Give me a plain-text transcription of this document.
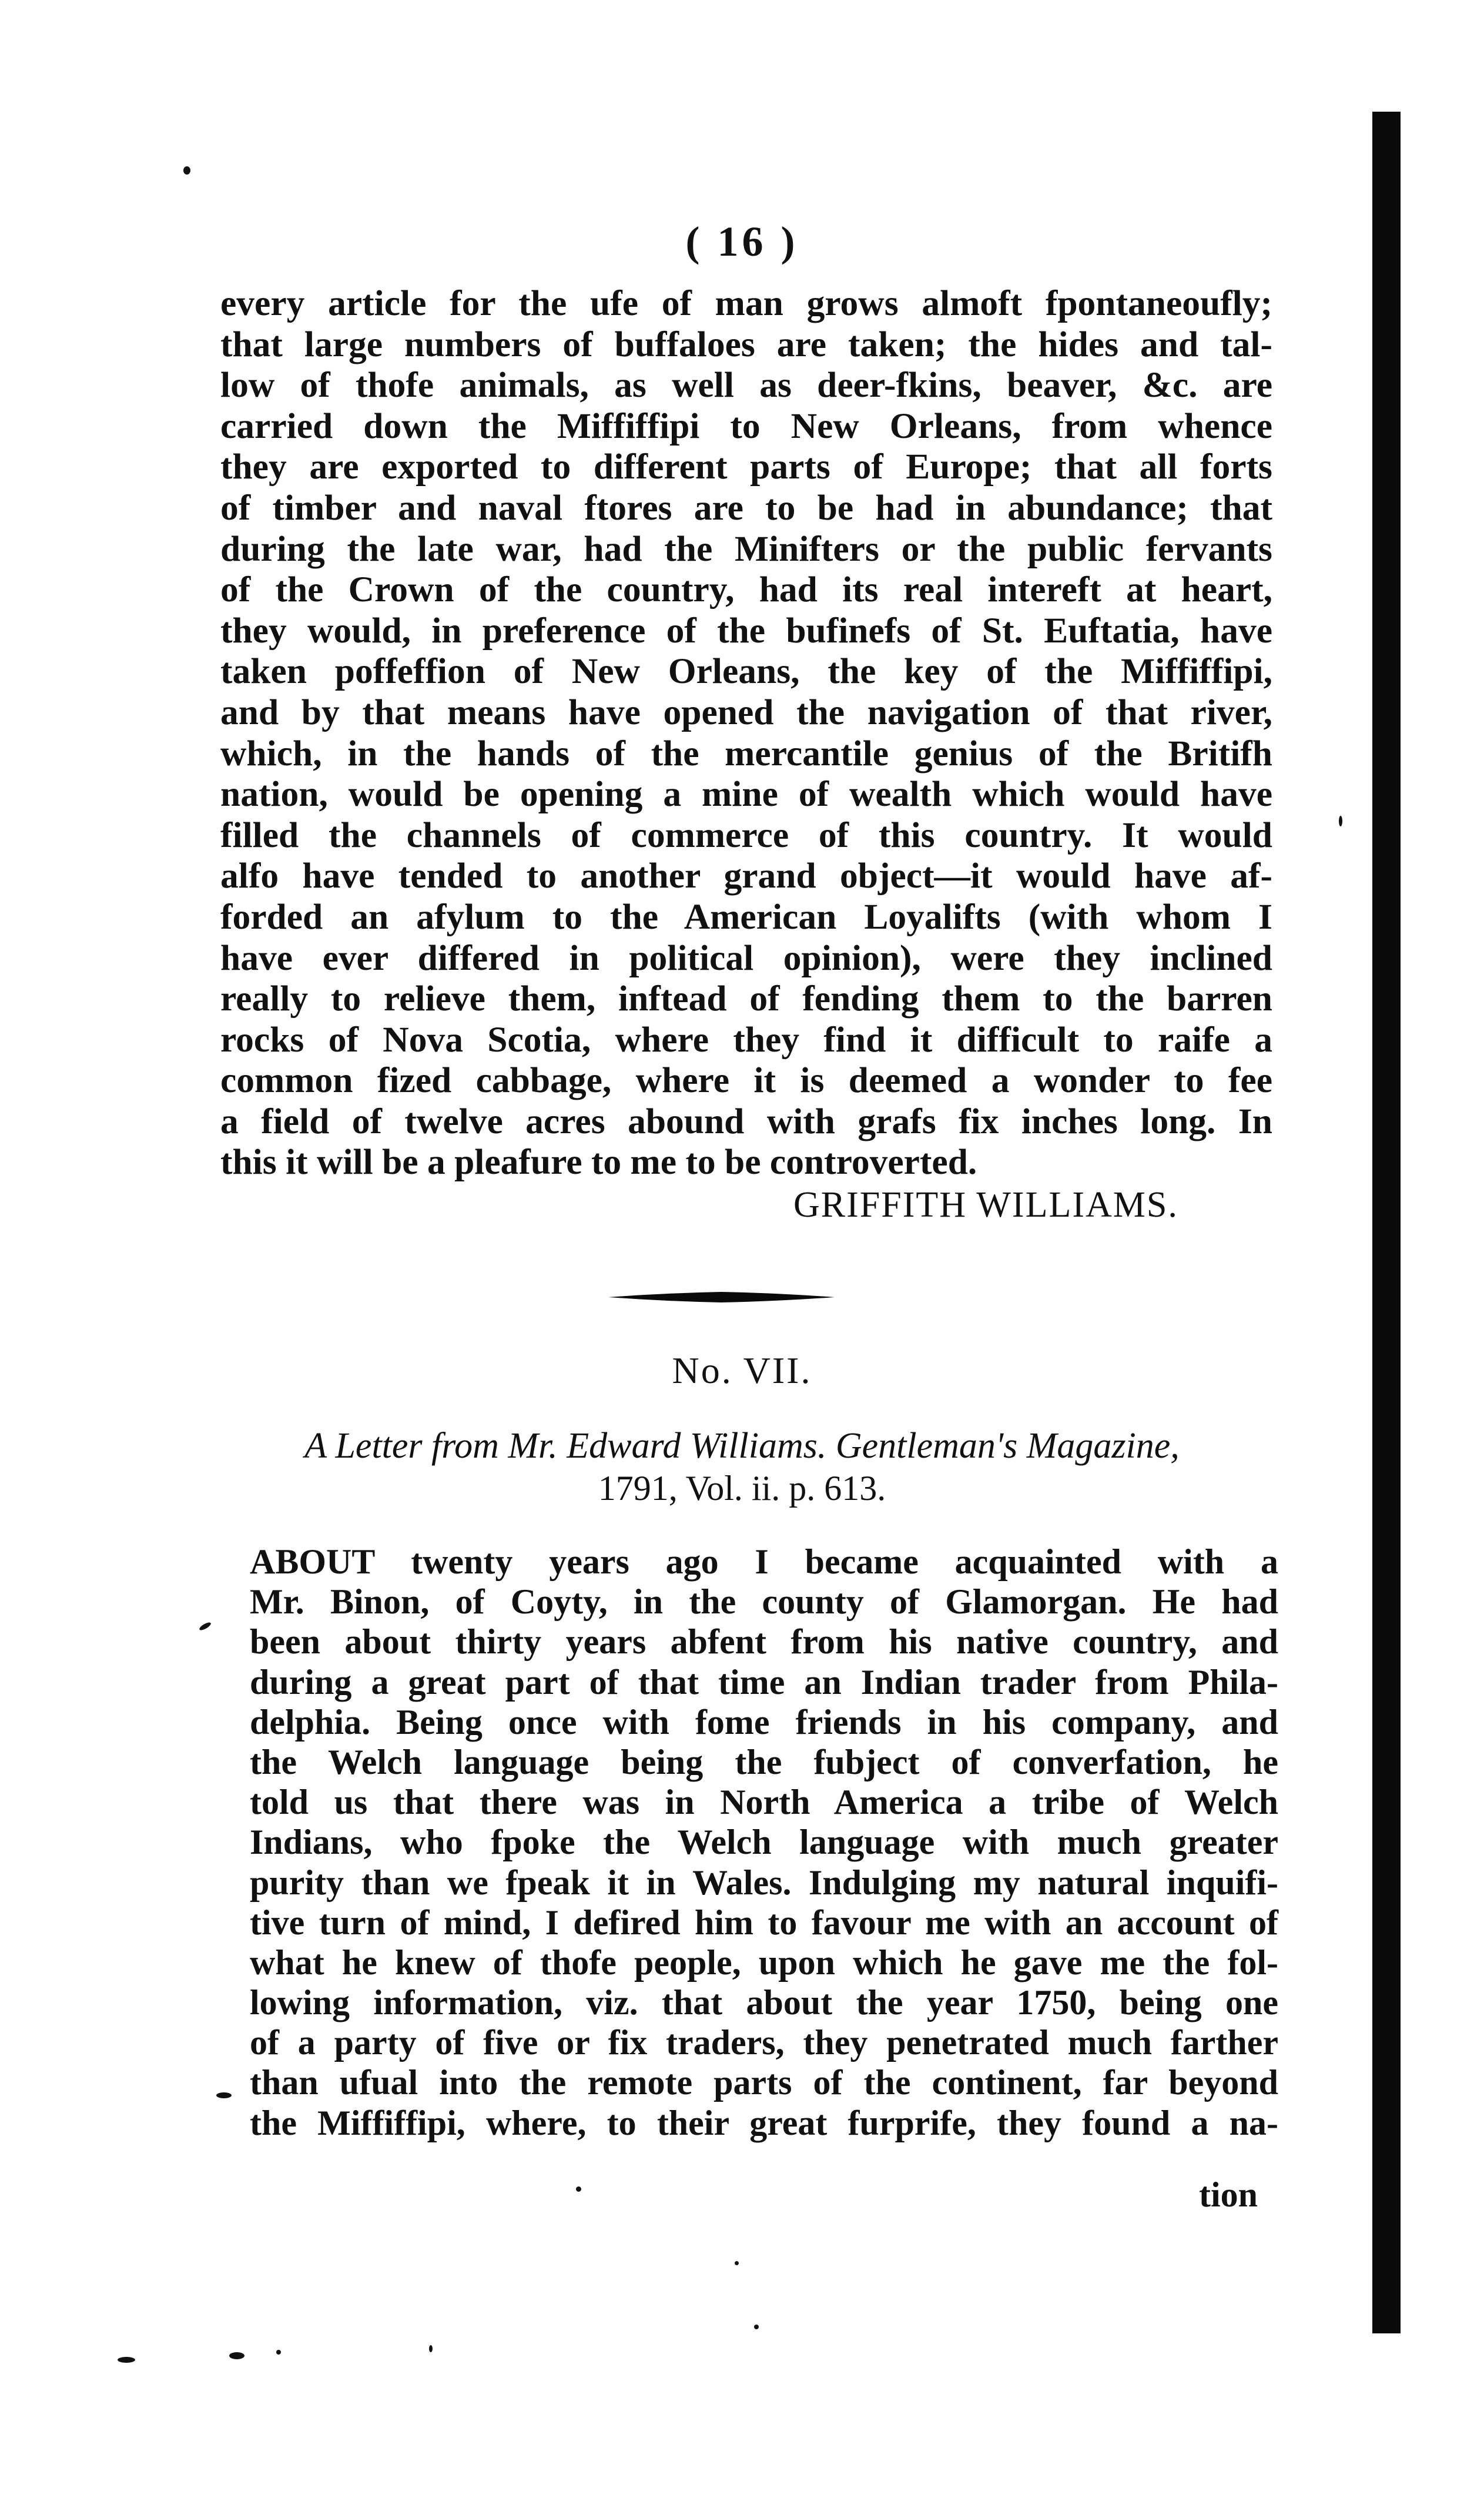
( 16 )
every article for the ufe of man grows almoft fpontaneoufly;
that large numbers of buffaloes are taken; the hides and tal-
low of thofe animals, as well as deer-fkins, beaver, &c. are
carried down the Miffiffipi to New Orleans, from whence
they are exported to different parts of Europe; that all forts
of timber and naval ftores are to be had in abundance; that
during the late war, had the Minifters or the public fervants
of the Crown of the country, had its real intereft at heart,
they would, in preference of the bufinefs of St. Euftatia, have
taken poffeffion of New Orleans, the key of the Miffiffipi,
and by that means have opened the navigation of that river,
which, in the hands of the mercantile genius of the Britifh
nation, would be opening a mine of wealth which would have
filled the channels of commerce of this country. It would
alfo have tended to another grand object—it would have af-
forded an afylum to the American Loyalifts (with whom I
have ever differed in political opinion), were they inclined
really to relieve them, inftead of fending them to the barren
rocks of Nova Scotia, where they find it difficult to raife a
common fized cabbage, where it is deemed a wonder to fee
a field of twelve acres abound with grafs fix inches long. In
this it will be a pleafure to me to be controverted.
GRIFFITH WILLIAMS.
No. VII.
A Letter from Mr. Edward Williams. Gentleman's Magazine,
1791, Vol. ii. p. 613.
ABOUT twenty years ago I became acquainted with a
Mr. Binon, of Coyty, in the county of Glamorgan. He had
been about thirty years abfent from his native country, and
during a great part of that time an Indian trader from Phila-
delphia. Being once with fome friends in his company, and
the Welch language being the fubject of converfation, he
told us that there was in North America a tribe of Welch
Indians, who fpoke the Welch language with much greater
purity than we fpeak it in Wales. Indulging my natural inquifi-
tive turn of mind, I defired him to favour me with an account of
what he knew of thofe people, upon which he gave me the fol-
lowing information, viz. that about the year 1750, being one
of a party of five or fix traders, they penetrated much farther
than ufual into the remote parts of the continent, far beyond
the Miffiffipi, where, to their great furprife, they found a na-
tion
